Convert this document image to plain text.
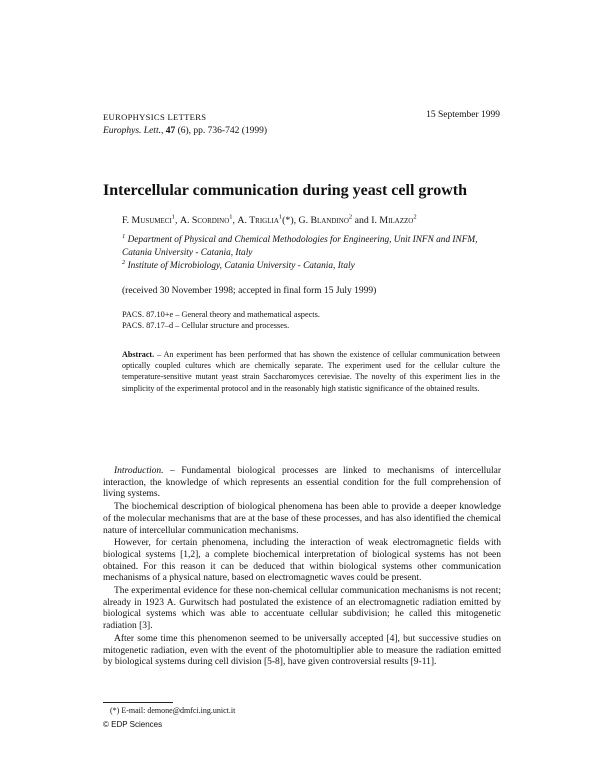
EUROPHYSICS LETTERS	15 September 1999
Europhys. Lett., 47 (6), pp. 736-742 (1999)
Intercellular communication during yeast cell growth
F. Musumeci$^1$, A. Scordino$^1$, A. Triglia$^1$(*), G. Blandino$^2$ and I. Milazzo$^2$
$^1$ Department of Physical and Chemical Methodologies for Engineering, Unit INFN and INFM, Catania University - Catania, Italy
$^2$ Institute of Microbiology, Catania University - Catania, Italy
(received 30 November 1998; accepted in final form 15 July 1999)
PACS. 87.10+e – General theory and mathematical aspects.
PACS. 87.17–d – Cellular structure and processes.
Abstract. – An experiment has been performed that has shown the existence of cellular communication between optically coupled cultures which are chemically separate. The experiment used for the cellular culture the temperature-sensitive mutant yeast strain Saccharomyces cerevisiae. The novelty of this experiment lies in the simplicity of the experimental protocol and in the reasonably high statistic significance of the obtained results.

Introduction. – Fundamental biological processes are linked to mechanisms of intercellular interaction, the knowledge of which represents an essential condition for the full comprehension of living systems.

The biochemical description of biological phenomena has been able to provide a deeper knowledge of the molecular mechanisms that are at the base of these processes, and has also identified the chemical nature of intercellular communication mechanisms.

However, for certain phenomena, including the interaction of weak electromagnetic fields with biological systems [1,2], a complete biochemical interpretation of biological systems has not been obtained. For this reason it can be deduced that within biological systems other communication mechanisms of a physical nature, based on electromagnetic waves could be present.

The experimental evidence for these non-chemical cellular communication mechanisms is not recent; already in 1923 A. Gurwitsch had postulated the existence of an electromagnetic radiation emitted by biological systems which was able to accentuate cellular subdivision; he called this mitogenetic radiation [3].

After some time this phenomenon seemed to be universally accepted [4], but successive studies on mitogenetic radiation, even with the event of the photomultiplier able to measure the radiation emitted by biological systems during cell division [5-8], have given controversial results [9-11].

(*) E-mail: demone@dmfci.ing.unict.it
© EDP Sciences
